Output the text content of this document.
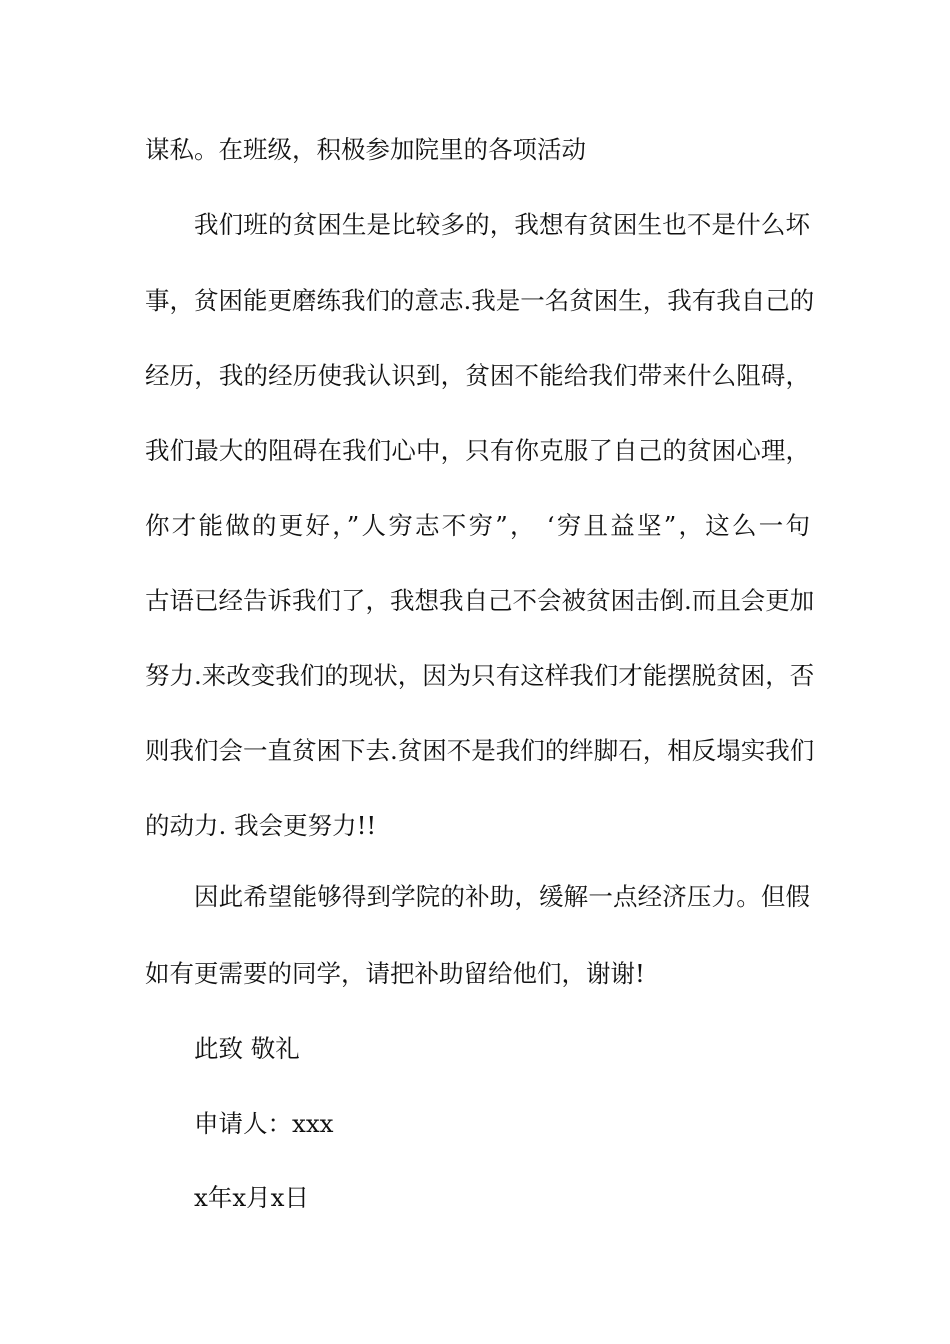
谋私。在班级，积极参加院里的各项活动
我们班的贫困生是比较多的，我想有贫困生也不是什么坏
事，贫困能更磨练我们的意志.我是一名贫困生，我有我自己的
经历，我的经历使我认识到，贫困不能给我们带来什么阻碍，
我们最大的阻碍在我们心中，只有你克服了自己的贫困心理，
你才能做的更好，”人穷志不穷”， ‘穷且益坚”，这么一句
古语已经告诉我们了，我想我自己不会被贫困击倒.而且会更加
努力.来改变我们的现状，因为只有这样我们才能摆脱贫困，否
则我们会一直贫困下去.贫困不是我们的绊脚石，相反塌实我们
的动力. 我会更努力!!
因此希望能够得到学院的补助，缓解一点经济压力。但假
如有更需要的同学，请把补助留给他们，谢谢!
此致 敬礼
申请人：xxx
x年x月x日
